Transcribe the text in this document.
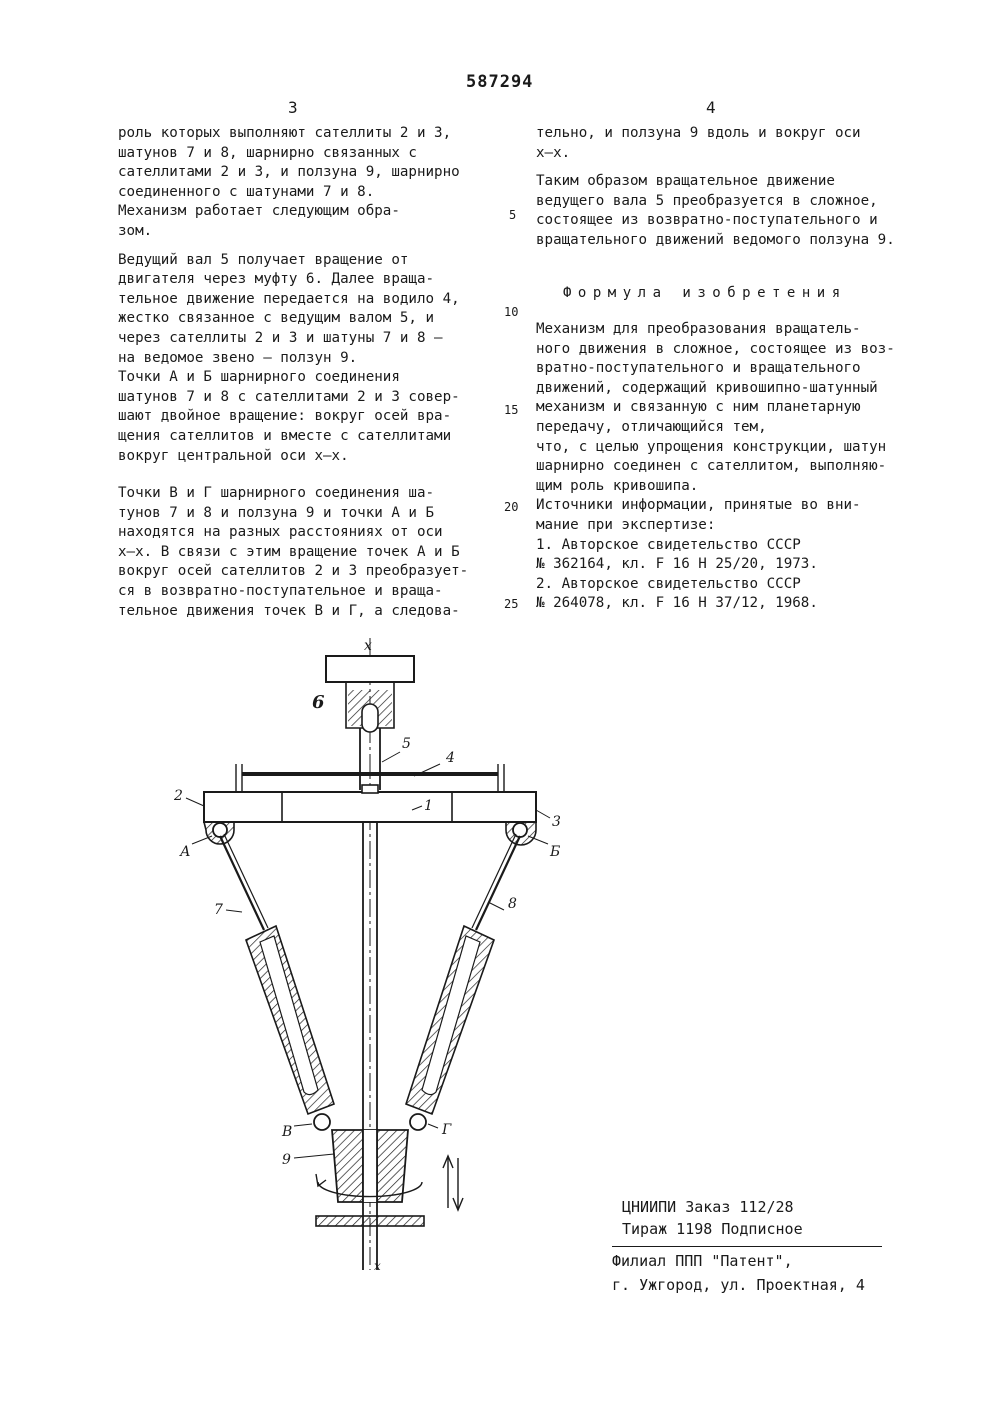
587294
3	4

роль которых выполняют сателлиты 2 и 3,

шатунов 7 и 8, шарнирно связанных с

сателлитами 2 и 3, и ползуна 9, шарнирно

соединенного с шатунами 7 и 8.

Механизм работает следующим обра-

зом.

Ведущий вал 5 получает вращение от

двигателя через муфту 6. Далее враща-

тельное движение передается на водило 4,

жестко связанное с ведущим валом 5, и

через сателлиты 2 и 3 и шатуны 7 и 8 –

на ведомое звено – ползун 9.

Точки А и Б шарнирного соединения

шатунов 7 и 8 с сателлитами 2 и 3 совер-

шают двойное вращение: вокруг осей вра-

щения сателлитов и вместе с сателлитами

вокруг центральной оси x–x.

Точки В и Г шарнирного соединения ша-

тунов 7 и 8 и ползуна 9 и точки А и Б

находятся на разных расстояниях от оси

x–x. В связи с этим вращение точек А и Б

вокруг осей сателлитов 2 и 3 преобразует-

ся в возвратно-поступательное и враща-

тельное движения точек В и Г, а следова-

5
10
15
20
25

тельно, и ползуна 9 вдоль и вокруг оси

x–x.

Таким образом вращательное движение

ведущего вала 5 преобразуется в сложное,

состоящее из возвратно-поступательного и

вращательного движений ведомого ползуна 9.

Формула изобретения

Механизм для преобразования вращатель-

ного движения в сложное, состоящее из воз-

вратно-поступательного и вращательного

движений, содержащий кривошипно-шатунный

механизм и связанную с ним планетарную

передачу, отличающийся тем,

что, с целью упрощения конструкции, шатун

шарнирно соединен с сателлитом, выполняю-

щим роль кривошипа.

Источники информации, принятые во вни-

мание при экспертизе:

1. Авторское свидетельство СССР

№ 362164, кл. F 16 H 25/20, 1973.

2. Авторское свидетельство СССР

№ 264078, кл. F 16 H 37/12, 1968.

x
x
6
5
4
2
3
1
А	Б
7	8
В	Г
9
ЦНИИПИ Заказ 112/28
Тираж 1198 Подписное
Филиал ППП "Патент",
г. Ужгород, ул. Проектная, 4
